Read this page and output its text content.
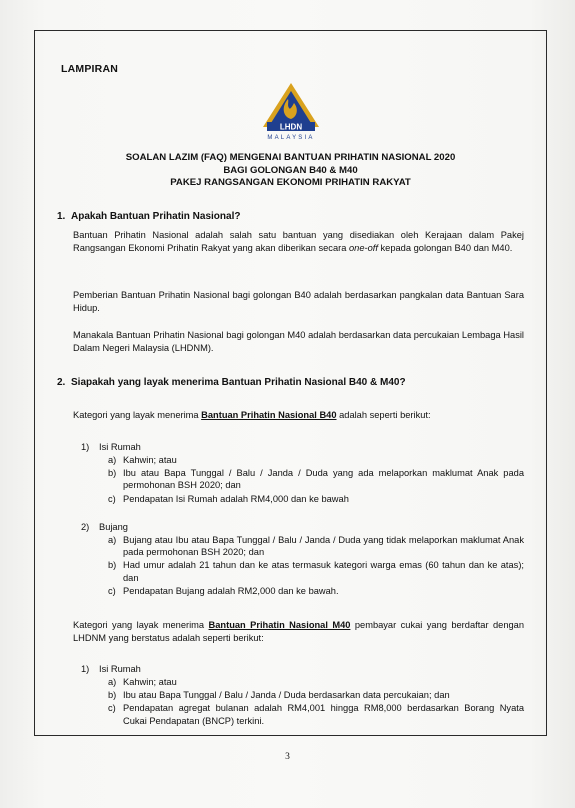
LAMPIRAN
LHDN
MALAYSIA
SOALAN LAZIM (FAQ) MENGENAI BANTUAN PRIHATIN NASIONAL 2020
BAGI GOLONGAN B40 & M40
PAKEJ RANGSANGAN EKONOMI PRIHATIN RAKYAT
1. Apakah Bantuan Prihatin Nasional?
Bantuan Prihatin Nasional adalah salah satu bantuan yang disediakan oleh Kerajaan dalam Pakej Rangsangan Ekonomi Prihatin Rakyat yang akan diberikan secara one-off kepada golongan B40 dan M40.
Pemberian Bantuan Prihatin Nasional bagi golongan B40 adalah berdasarkan pangkalan data Bantuan Sara Hidup.
Manakala Bantuan Prihatin Nasional bagi golongan M40 adalah berdasarkan data percukaian Lembaga Hasil Dalam Negeri Malaysia (LHDNM).
2. Siapakah yang layak menerima Bantuan Prihatin Nasional B40 & M40?
Kategori yang layak menerima Bantuan Prihatin Nasional B40 adalah seperti berikut:
1) Isi Rumah
a) Kahwin; atau
b) Ibu atau Bapa Tunggal / Balu / Janda / Duda yang ada melaporkan maklumat Anak pada permohonan BSH 2020; dan
c) Pendapatan Isi Rumah adalah RM4,000 dan ke bawah
2) Bujang
a) Bujang atau Ibu atau Bapa Tunggal / Balu / Janda / Duda yang tidak melaporkan maklumat Anak pada permohonan BSH 2020; dan
b) Had umur adalah 21 tahun dan ke atas termasuk kategori warga emas (60 tahun dan ke atas); dan
c) Pendapatan Bujang adalah RM2,000 dan ke bawah.
Kategori yang layak menerima Bantuan Prihatin Nasional M40 pembayar cukai yang berdaftar dengan LHDNM yang berstatus adalah seperti berikut:
1) Isi Rumah
a) Kahwin; atau
b) Ibu atau Bapa Tunggal / Balu / Janda / Duda berdasarkan data percukaian; dan
c) Pendapatan agregat bulanan adalah RM4,001 hingga RM8,000 berdasarkan Borang Nyata Cukai Pendapatan (BNCP) terkini.
3
